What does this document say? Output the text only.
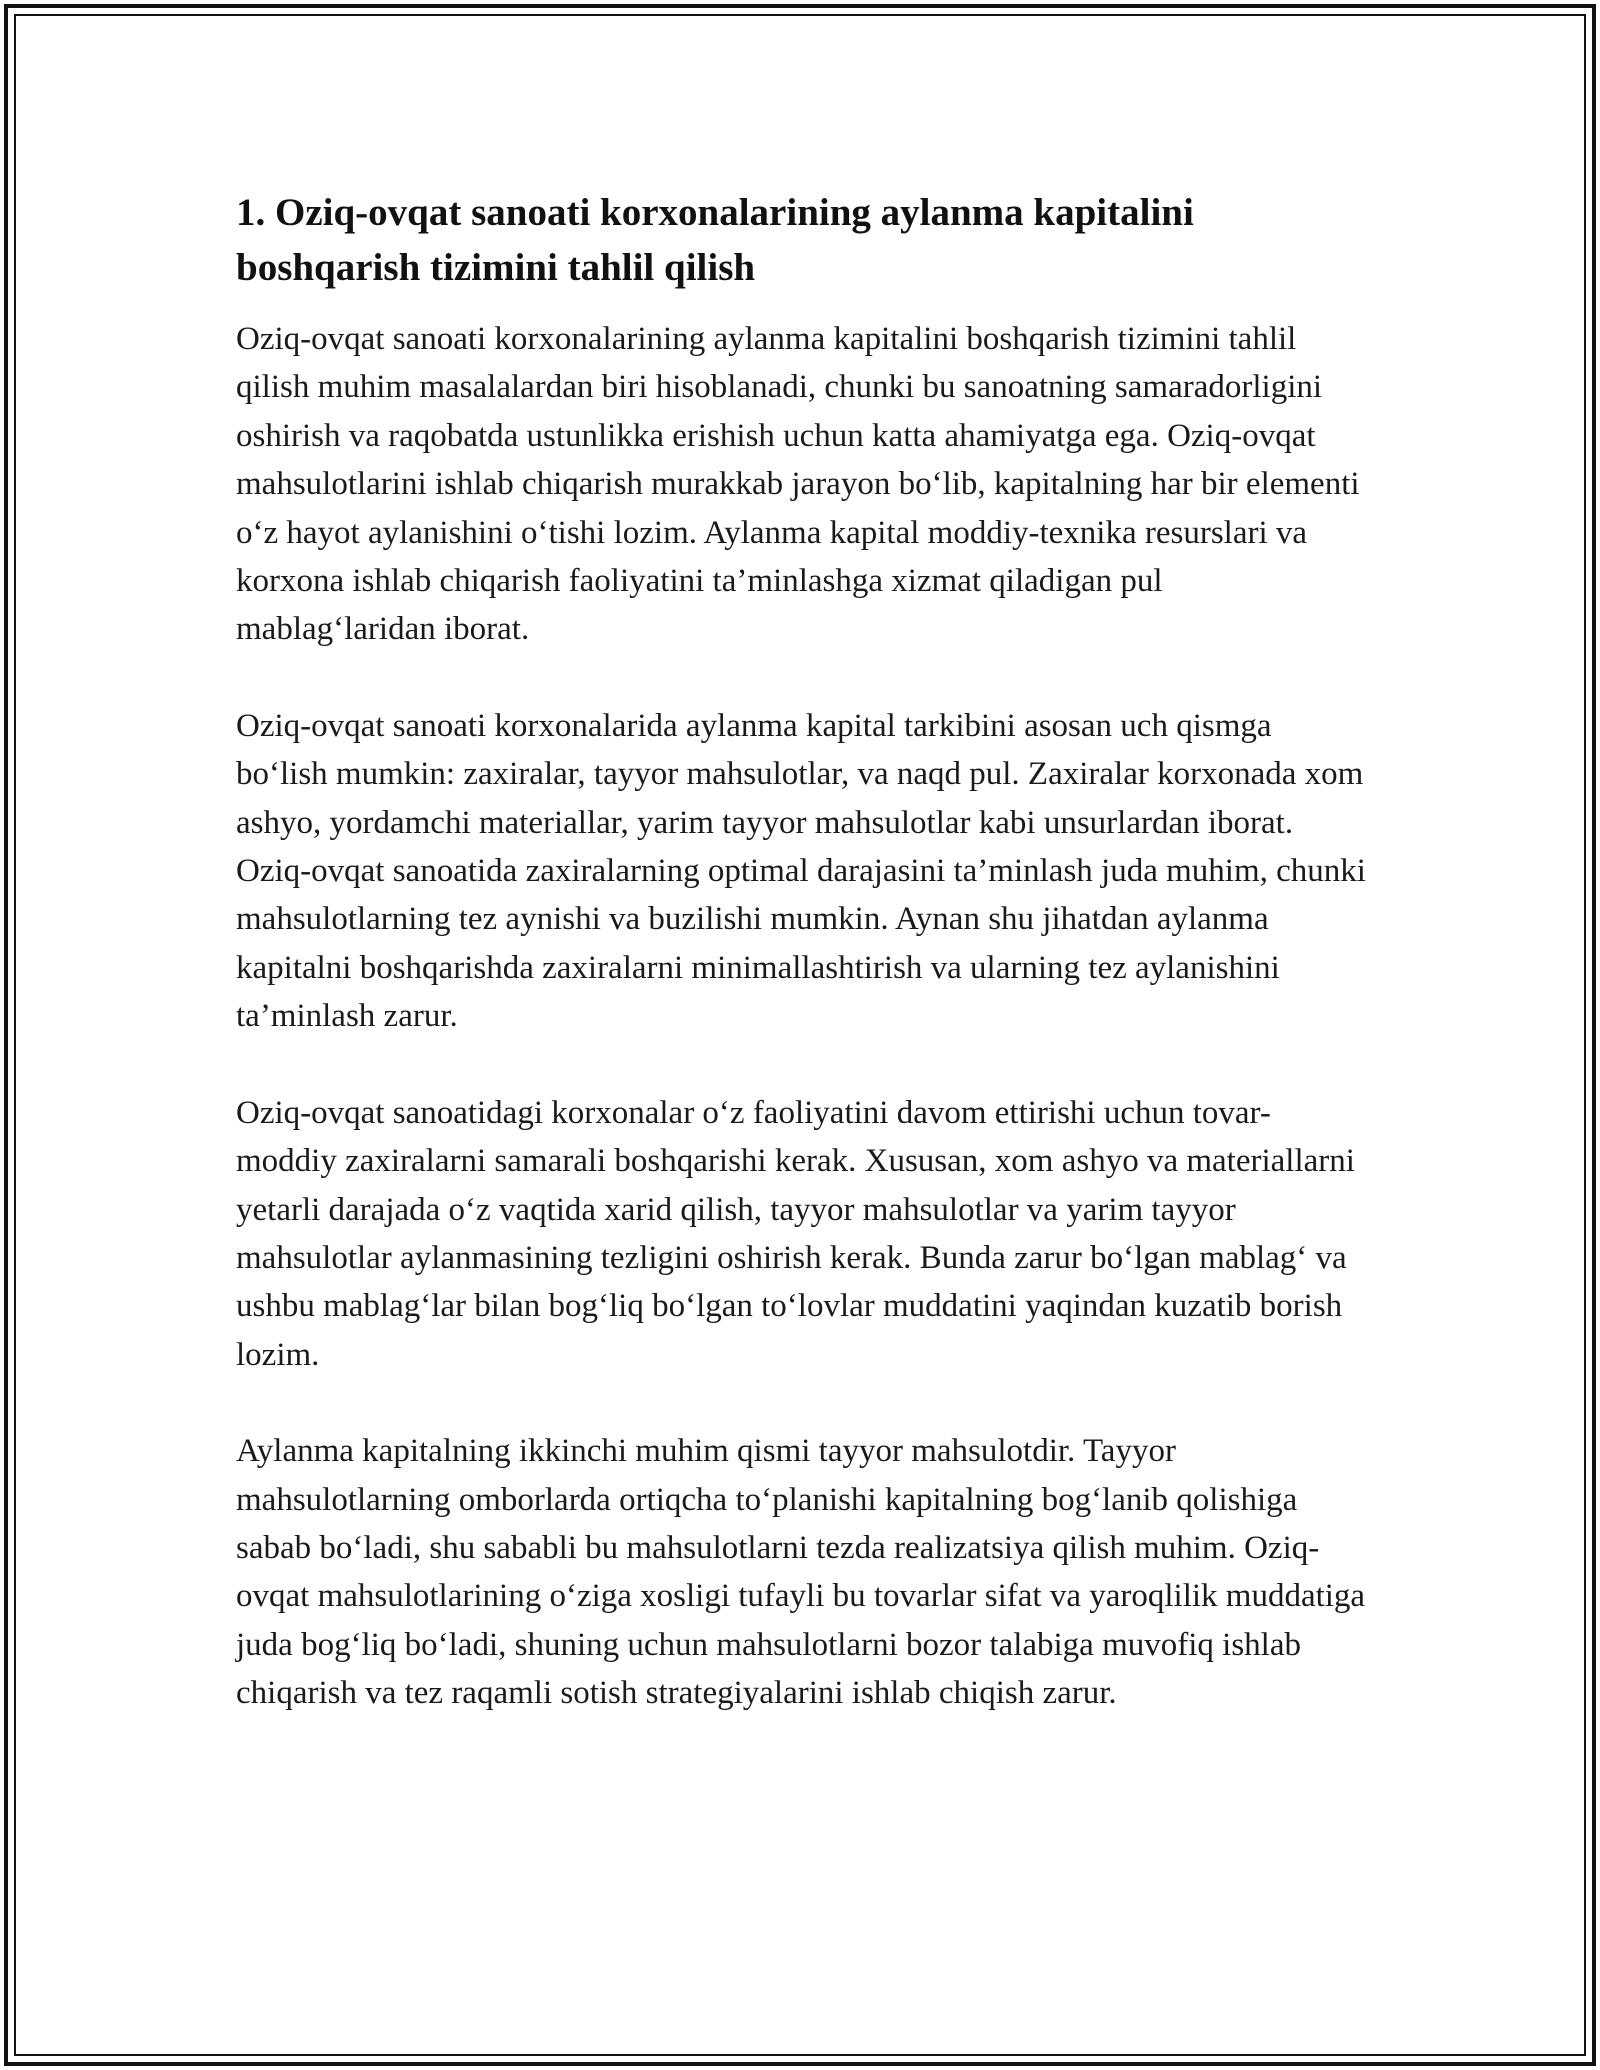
1. Oziq-ovqat sanoati korxonalarining aylanma kapitalini boshqarish tizimini tahlil qilish

Oziq-ovqat sanoati korxonalarining aylanma kapitalini boshqarish tizimini tahlil qilish muhim masalalardan biri hisoblanadi, chunki bu sanoatning samaradorligini oshirish va raqobatda ustunlikka erishish uchun katta ahamiyatga ega. Oziq-ovqat mahsulotlarini ishlab chiqarish murakkab jarayon bo‘lib, kapitalning har bir elementi o‘z hayot aylanishini o‘tishi lozim. Aylanma kapital moddiy-texnika resurslari va korxona ishlab chiqarish faoliyatini ta’minlashga xizmat qiladigan pul mablag‘laridan iborat.

Oziq-ovqat sanoati korxonalarida aylanma kapital tarkibini asosan uch qismga bo‘lish mumkin: zaxiralar, tayyor mahsulotlar, va naqd pul. Zaxiralar korxonada xom ashyo, yordamchi materiallar, yarim tayyor mahsulotlar kabi unsurlardan iborat. Oziq-ovqat sanoatida zaxiralarning optimal darajasini ta’minlash juda muhim, chunki mahsulotlarning tez aynishi va buzilishi mumkin. Aynan shu jihatdan aylanma kapitalni boshqarishda zaxiralarni minimallashtirish va ularning tez aylanishini ta’minlash zarur.

Oziq-ovqat sanoatidagi korxonalar o‘z faoliyatini davom ettirishi uchun tovar-moddiy zaxiralarni samarali boshqarishi kerak. Xususan, xom ashyo va materiallarni yetarli darajada o‘z vaqtida xarid qilish, tayyor mahsulotlar va yarim tayyor mahsulotlar aylanmasining tezligini oshirish kerak. Bunda zarur bo‘lgan mablag‘ va ushbu mablag‘lar bilan bog‘liq bo‘lgan to‘lovlar muddatini yaqindan kuzatib borish lozim.

Aylanma kapitalning ikkinchi muhim qismi tayyor mahsulotdir. Tayyor mahsulotlarning omborlarda ortiqcha to‘planishi kapitalning bog‘lanib qolishiga sabab bo‘ladi, shu sababli bu mahsulotlarni tezda realizatsiya qilish muhim. Oziq-ovqat mahsulotlarining o‘ziga xosligi tufayli bu tovarlar sifat va yaroqlilik muddatiga juda bog‘liq bo‘ladi, shuning uchun mahsulotlarni bozor talabiga muvofiq ishlab chiqarish va tez raqamli sotish strategiyalarini ishlab chiqish zarur.
